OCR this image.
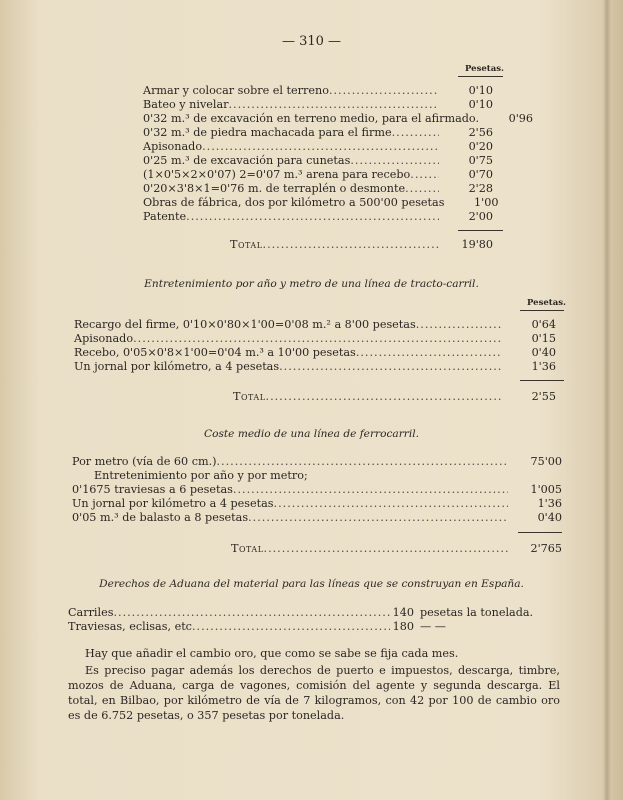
— 310 —
Pesetas.
Armar y colocar sobre el terreno .....	0'10
Bateo y nivelar .....	0'10
0'32 m.³ de excavación en terreno medio, para el afirmado.	0'96
0'32 m.³ de piedra machacada para el firme .....	2'56
Apisonado .....	0'20
0'25 m.³ de excavación para cunetas .....	0'75
(1×0'5×2×0'07) 2=0'07 m.³ arena para recebo .....	0'70
0'20×3'8×1=0'76 m. de terraplén o desmonte .....	2'28
Obras de fábrica, dos por kilómetro a 500'00 pesetas	1'00
Patente .....	2'00
Total .....	19'80
Entretenimiento por año y metro de una línea de tracto-carril.
Pesetas.
Recargo del firme, 0'10×0'80×1'00=0'08 m.² a 8'00 pesetas .....	0'64
Apisonado .....	0'15
Recebo, 0'05×0'8×1'00=0'04 m.³ a 10'00 pesetas .....	0'40
Un jornal por kilómetro, a 4 pesetas .....	1'36
Total .....	2'55
Coste medio de una línea de ferrocarril.
Por metro (vía de 60 cm.) .....	75'00
Entretenimiento por año y por metro;
0'1675 traviesas a 6 pesetas .....	1'005
Un jornal por kilómetro a 4 pesetas .....	1'36
0'05 m.³ de balasto a 8 pesetas .....	0'40
Total .....	2'765
Derechos de Aduana del material para las líneas que se construyan en España.
Carriles .....	140 pesetas la tonelada.
Traviesas, eclisas, etc .....	180 — —
Hay que añadir el cambio oro, que como se sabe se fija cada mes.
Es preciso pagar además los derechos de puerto e impuestos, descarga, timbre, mozos de Aduana, carga de vagones, comisión del agente y segunda descarga. El total, en Bilbao, por kilómetro de vía de 7 kilogramos, con 42 por 100 de cambio oro es de 6.752 pesetas, o 357 pesetas por tonelada.
